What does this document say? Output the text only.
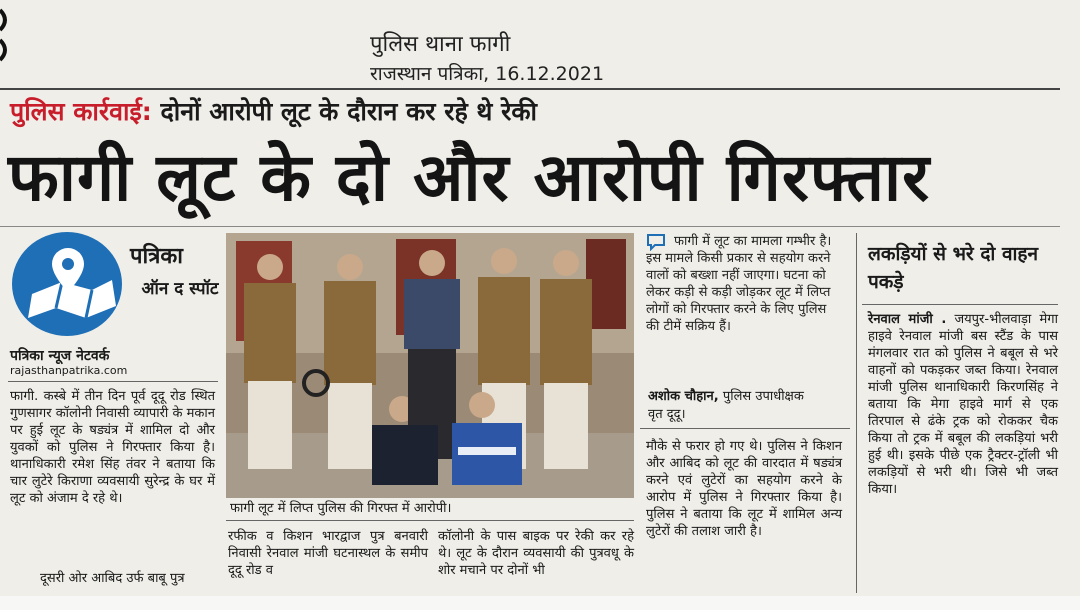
पुलिस थाना फागी
राजस्थान पत्रिका, 16.12.2021
पुलिस कार्रवाई: दोनों आरोपी लूट के दौरान कर रहे थे रेकी
फागी लूट के दो और आरोपी गिरफ्तार
पत्रिका
ऑन द स्पॉट
पत्रिका न्यूज नेटवर्क
rajasthanpatrika.com
फागी. कस्बे में तीन दिन पूर्व दूदू रोड स्थित गुणसागर कॉलोनी निवासी व्यापारी के मकान पर हुई लूट के षड्यंत्र में शामिल दो और युवकों को पुलिस ने गिरफ्तार किया है। थानाधिकारी रमेश सिंह तंवर ने बताया कि चार लुटेरे किराणा व्यवसायी सुरेन्द्र के घर में लूट को अंजाम दे रहे थे।
दूसरी ओर आबिद उर्फ बाबू पुत्र
फागी लूट में लिप्त पुलिस की गिरफ्त में आरोपी।
रफीक व किशन भारद्वाज पुत्र बनवारी निवासी रेनवाल मांजी घटनास्थल के समीप दूदू रोड व
कॉलोनी के पास बाइक पर रेकी कर रहे थे। लूट के दौरान व्यवसायी की पुत्रवधू के शोर मचाने पर दोनों भी
फागी में लूट का मामला गम्भीर है। इस मामले किसी प्रकार से सहयोग करने वालों को बख्शा नहीं जाएगा। घटना को लेकर कड़ी से कड़ी जोड़कर लूट में लिप्त लोगों को गिरफ्तार करने के लिए पुलिस की टीमें सक्रिय हैं।
अशोक चौहान, पुलिस उपाधीक्षक
वृत दूदू।
मौके से फरार हो गए थे। पुलिस ने किशन और आबिद को लूट की वारदात में षड्यंत्र करने एवं लुटेरों का सहयोग करने के आरोप में पुलिस ने गिरफ्तार किया है। पुलिस ने बताया कि लूट में शामिल अन्य लुटेरों की तलाश जारी है।
लकड़ियों से भरे दो वाहन पकड़े
रेनवाल मांजी . जयपुर-भीलवाड़ा मेगा हाइवे रेनवाल मांजी बस स्टैंड के पास मंगलवार रात को पुलिस ने बबूल से भरे वाहनों को पकड़कर जब्त किया। रेनवाल मांजी पुलिस थानाधिकारी किरणसिंह ने बताया कि मेगा हाइवे मार्ग से एक तिरपाल से ढंके ट्रक को रोककर चैक किया तो ट्रक में बबूल की लकड़ियां भरी हुई थी। इसके पीछे एक ट्रैक्टर-ट्रॉली भी लकड़ियों से भरी थी। जिसे भी जब्त किया।
